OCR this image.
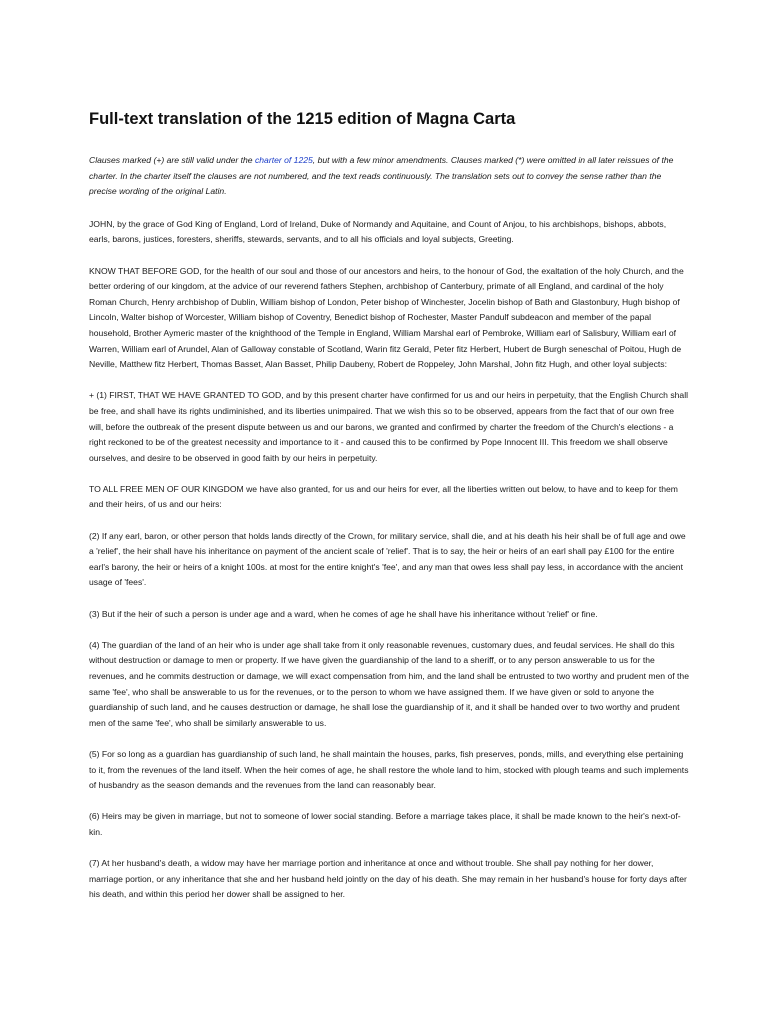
Full-text translation of the 1215 edition of Magna Carta
Clauses marked (+) are still valid under the charter of 1225, but with a few minor amendments. Clauses marked (*) were omitted in all later reissues of the charter. In the charter itself the clauses are not numbered, and the text reads continuously. The translation sets out to convey the sense rather than the precise wording of the original Latin.
JOHN, by the grace of God King of England, Lord of Ireland, Duke of Normandy and Aquitaine, and Count of Anjou, to his archbishops, bishops, abbots, earls, barons, justices, foresters, sheriffs, stewards, servants, and to all his officials and loyal subjects, Greeting.
KNOW THAT BEFORE GOD, for the health of our soul and those of our ancestors and heirs, to the honour of God, the exaltation of the holy Church, and the better ordering of our kingdom, at the advice of our reverend fathers Stephen, archbishop of Canterbury, primate of all England, and cardinal of the holy Roman Church, Henry archbishop of Dublin, William bishop of London, Peter bishop of Winchester, Jocelin bishop of Bath and Glastonbury, Hugh bishop of Lincoln, Walter bishop of Worcester, William bishop of Coventry, Benedict bishop of Rochester, Master Pandulf subdeacon and member of the papal household, Brother Aymeric master of the knighthood of the Temple in England, William Marshal earl of Pembroke, William earl of Salisbury, William earl of Warren, William earl of Arundel, Alan of Galloway constable of Scotland, Warin fitz Gerald, Peter fitz Herbert, Hubert de Burgh seneschal of Poitou, Hugh de Neville, Matthew fitz Herbert, Thomas Basset, Alan Basset, Philip Daubeny, Robert de Roppeley, John Marshal, John fitz Hugh, and other loyal subjects:
+ (1) FIRST, THAT WE HAVE GRANTED TO GOD, and by this present charter have confirmed for us and our heirs in perpetuity, that the English Church shall be free, and shall have its rights undiminished, and its liberties unimpaired. That we wish this so to be observed, appears from the fact that of our own free will, before the outbreak of the present dispute between us and our barons, we granted and confirmed by charter the freedom of the Church's elections - a right reckoned to be of the greatest necessity and importance to it - and caused this to be confirmed by Pope Innocent III. This freedom we shall observe ourselves, and desire to be observed in good faith by our heirs in perpetuity.
TO ALL FREE MEN OF OUR KINGDOM we have also granted, for us and our heirs for ever, all the liberties written out below, to have and to keep for them and their heirs, of us and our heirs:
(2) If any earl, baron, or other person that holds lands directly of the Crown, for military service, shall die, and at his death his heir shall be of full age and owe a 'relief', the heir shall have his inheritance on payment of the ancient scale of 'relief'. That is to say, the heir or heirs of an earl shall pay £100 for the entire earl's barony, the heir or heirs of a knight 100s. at most for the entire knight's 'fee', and any man that owes less shall pay less, in accordance with the ancient usage of 'fees'.
(3) But if the heir of such a person is under age and a ward, when he comes of age he shall have his inheritance without 'relief' or fine.
(4) The guardian of the land of an heir who is under age shall take from it only reasonable revenues, customary dues, and feudal services. He shall do this without destruction or damage to men or property. If we have given the guardianship of the land to a sheriff, or to any person answerable to us for the revenues, and he commits destruction or damage, we will exact compensation from him, and the land shall be entrusted to two worthy and prudent men of the same 'fee', who shall be answerable to us for the revenues, or to the person to whom we have assigned them. If we have given or sold to anyone the guardianship of such land, and he causes destruction or damage, he shall lose the guardianship of it, and it shall be handed over to two worthy and prudent men of the same 'fee', who shall be similarly answerable to us.
(5) For so long as a guardian has guardianship of such land, he shall maintain the houses, parks, fish preserves, ponds, mills, and everything else pertaining to it, from the revenues of the land itself. When the heir comes of age, he shall restore the whole land to him, stocked with plough teams and such implements of husbandry as the season demands and the revenues from the land can reasonably bear.
(6) Heirs may be given in marriage, but not to someone of lower social standing. Before a marriage takes place, it shall be made known to the heir's next-of-kin.
(7) At her husband's death, a widow may have her marriage portion and inheritance at once and without trouble. She shall pay nothing for her dower, marriage portion, or any inheritance that she and her husband held jointly on the day of his death. She may remain in her husband's house for forty days after his death, and within this period her dower shall be assigned to her.
